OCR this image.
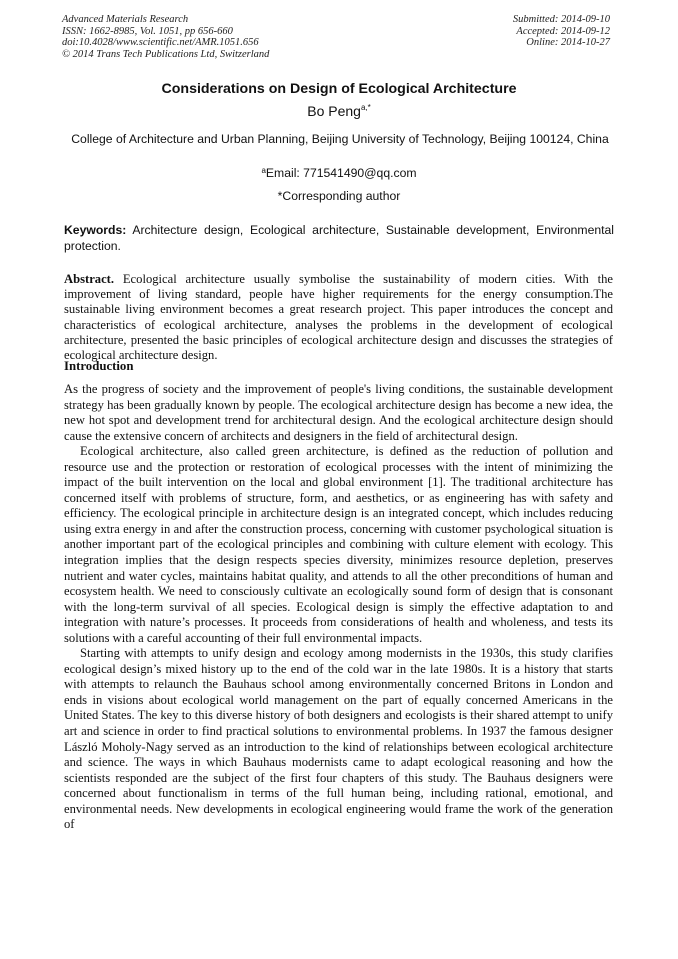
Advanced Materials Research
ISSN: 1662-8985, Vol. 1051, pp 656-660
doi:10.4028/www.scientific.net/AMR.1051.656
© 2014 Trans Tech Publications Ltd, Switzerland
Submitted: 2014-09-10
Accepted: 2014-09-12
Online: 2014-10-27
Considerations on Design of Ecological Architecture
Bo Peng$^{a,*}$
College of Architecture and Urban Planning, Beijing University of Technology, Beijing 100124, China
$^a$Email: 771541490@qq.com
*Corresponding author
Keywords: Architecture design, Ecological architecture, Sustainable development, Environmental protection.
Abstract. Ecological architecture usually symbolise the sustainability of modern cities. With the improvement of living standard, people have higher requirements for the energy consumption.The sustainable living environment becomes a great research project. This paper introduces the concept and characteristics of ecological architecture, analyses the problems in the development of ecological architecture, presented the basic principles of ecological architecture design and discusses the strategies of ecological architecture design.
Introduction

As the progress of society and the improvement of people's living conditions, the sustainable development strategy has been gradually known by people. The ecological architecture design has become a new idea, the new hot spot and development trend for architectural design. And the ecological architecture design should cause the extensive concern of architects and designers in the field of architectural design.

Ecological architecture, also called green architecture, is defined as the reduction of pollution and resource use and the protection or restoration of ecological processes with the intent of minimizing the impact of the built intervention on the local and global environment [1]. The traditional architecture has concerned itself with problems of structure, form, and aesthetics, or as engineering has with safety and efficiency. The ecological principle in architecture design is an integrated concept, which includes reducing using extra energy in and after the construction process, concerning with customer psychological situation is another important part of the ecological principles and combining with culture element with ecology. This integration implies that the design respects species diversity, minimizes resource depletion, preserves nutrient and water cycles, maintains habitat quality, and attends to all the other preconditions of human and ecosystem health. We need to consciously cultivate an ecologically sound form of design that is consonant with the long-term survival of all species. Ecological design is simply the effective adaptation to and integration with nature’s processes. It proceeds from considerations of health and wholeness, and tests its solutions with a careful accounting of their full environmental impacts.

Starting with attempts to unify design and ecology among modernists in the 1930s, this study clarifies ecological design’s mixed history up to the end of the cold war in the late 1980s. It is a history that starts with attempts to relaunch the Bauhaus school among environmentally concerned Britons in London and ends in visions about ecological world management on the part of equally concerned Americans in the United States. The key to this diverse history of both designers and ecologists is their shared attempt to unify art and science in order to find practical solutions to environmental problems. In 1937 the famous designer László Moholy-Nagy served as an introduction to the kind of relationships between ecological architecture and science. The ways in which Bauhaus modernists came to adapt ecological reasoning and how the scientists responded are the subject of the first four chapters of this study. The Bauhaus designers were concerned about functionalism in terms of the full human being, including rational, emotional, and environmental needs. New developments in ecological engineering would frame the work of the generation of
